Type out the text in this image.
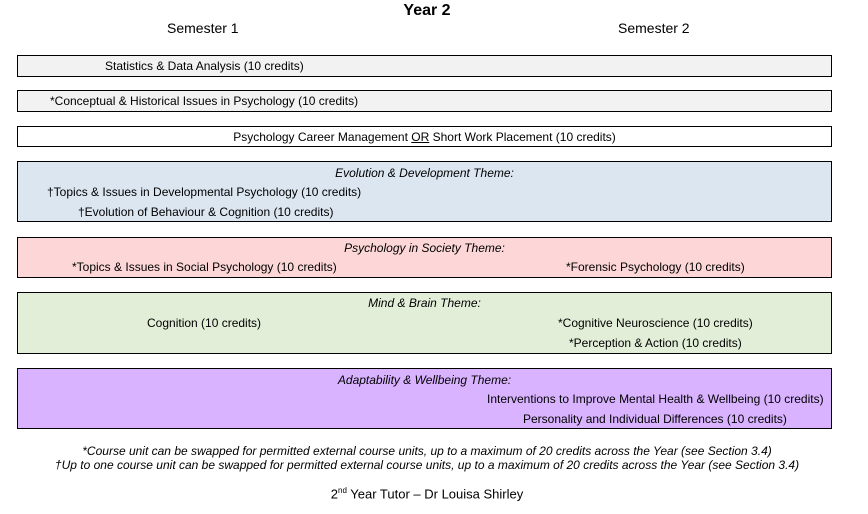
Year 2
Semester 1	Semester 2
Statistics & Data Analysis (10 credits)
*Conceptual & Historical Issues in Psychology (10 credits)
Psychology Career Management OR Short Work Placement (10 credits)
Evolution & Development Theme:
†Topics & Issues in Developmental Psychology (10 credits)
†Evolution of Behaviour & Cognition (10 credits)
Psychology in Society Theme:
*Topics & Issues in Social Psychology (10 credits)	*Forensic Psychology (10 credits)
Mind & Brain Theme:
Cognition (10 credits)	*Cognitive Neuroscience (10 credits)
*Perception & Action (10 credits)
Adaptability & Wellbeing Theme:
Interventions to Improve Mental Health & Wellbeing (10 credits)
Personality and Individual Differences (10 credits)
*Course unit can be swapped for permitted external course units, up to a maximum of 20 credits across the Year (see Section 3.4)
†Up to one course unit can be swapped for permitted external course units, up to a maximum of 20 credits across the Year (see Section 3.4)
2nd Year Tutor – Dr Louisa Shirley
